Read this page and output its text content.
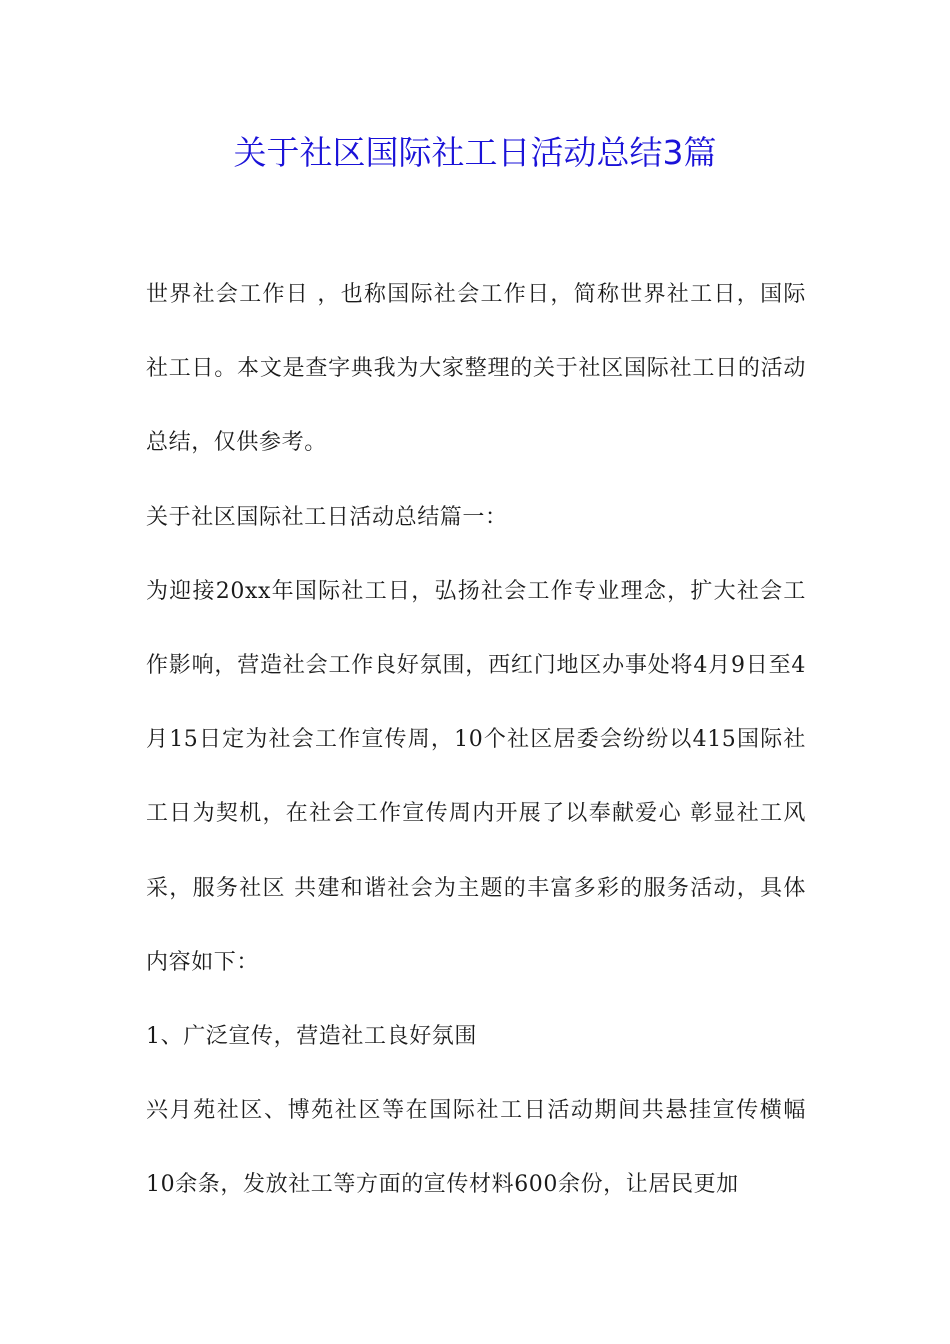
关于社区国际社工日活动总结3篇

世界社会工作日 ，也称国际社会工作日，简称世界社工日，国际社工日。本文是查字典我为大家整理的关于社区国际社工日的活动总结，仅供参考。

关于社区国际社工日活动总结篇一：

为迎接20xx年国际社工日，弘扬社会工作专业理念，扩大社会工作影响，营造社会工作良好氛围，西红门地区办事处将4月9日至4月15日定为社会工作宣传周，10个社区居委会纷纷以415国际社工日为契机，在社会工作宣传周内开展了以奉献爱心 彰显社工风采，服务社区 共建和谐社会为主题的丰富多彩的服务活动，具体内容如下：

1、广泛宣传，营造社工良好氛围

兴月苑社区、博苑社区等在国际社工日活动期间共悬挂宣传横幅10余条，发放社工等方面的宣传材料600余份，让居民更加
